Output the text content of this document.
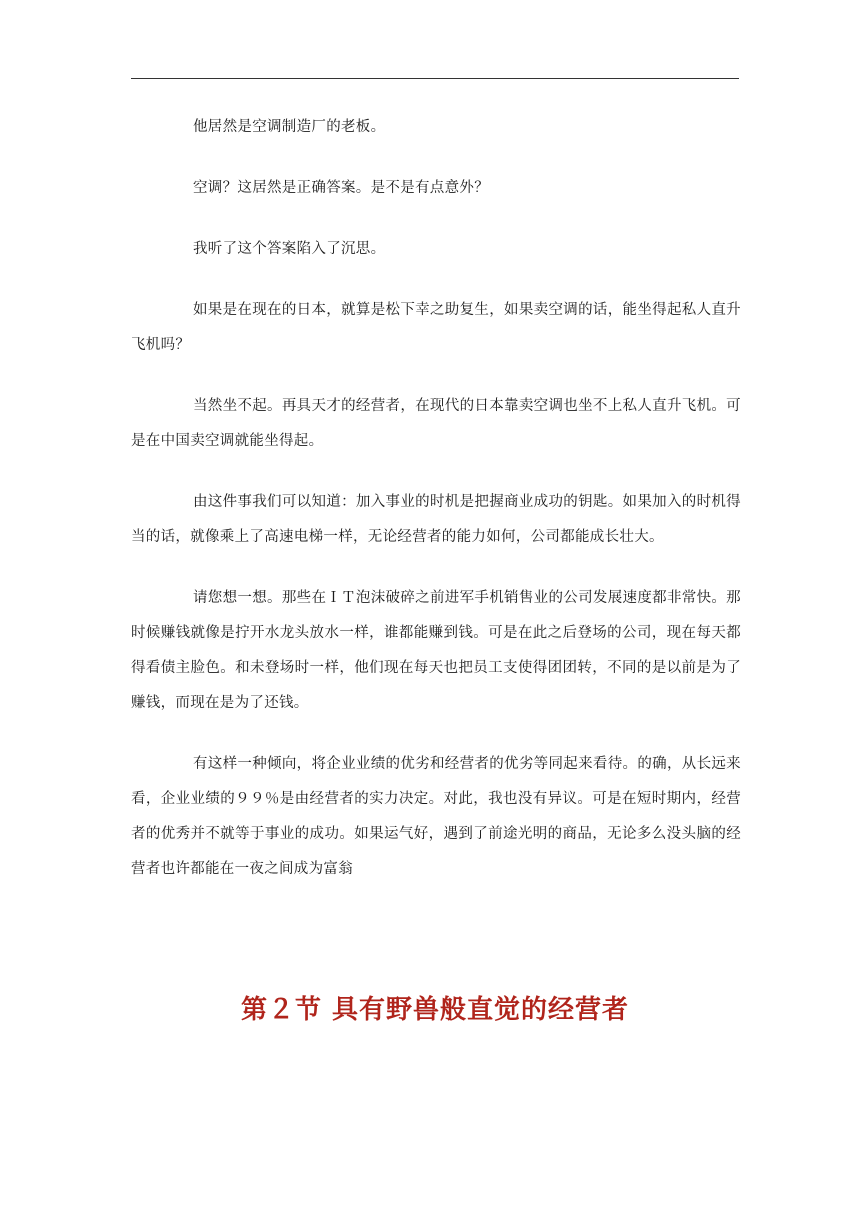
他居然是空调制造厂的老板。

空调？这居然是正确答案。是不是有点意外？

我听了这个答案陷入了沉思。

如果是在现在的日本，就算是松下幸之助复生，如果卖空调的话，能坐得起私人直升飞机吗？

当然坐不起。再具天才的经营者，在现代的日本靠卖空调也坐不上私人直升飞机。可是在中国卖空调就能坐得起。

由这件事我们可以知道：加入事业的时机是把握商业成功的钥匙。如果加入的时机得当的话，就像乘上了高速电梯一样，无论经营者的能力如何，公司都能成长壮大。

请您想一想。那些在ＩＴ泡沫破碎之前进军手机销售业的公司发展速度都非常快。那时候赚钱就像是拧开水龙头放水一样，谁都能赚到钱。可是在此之后登场的公司，现在每天都得看债主脸色。和未登场时一样，他们现在每天也把员工支使得团团转，不同的是以前是为了赚钱，而现在是为了还钱。

有这样一种倾向，将企业业绩的优劣和经营者的优劣等同起来看待。的确，从长远来看，企业业绩的９９％是由经营者的实力决定。对此，我也没有异议。可是在短时期内，经营者的优秀并不就等于事业的成功。如果运气好，遇到了前途光明的商品，无论多么没头脑的经营者也许都能在一夜之间成为富翁

第２节 具有野兽般直觉的经营者
